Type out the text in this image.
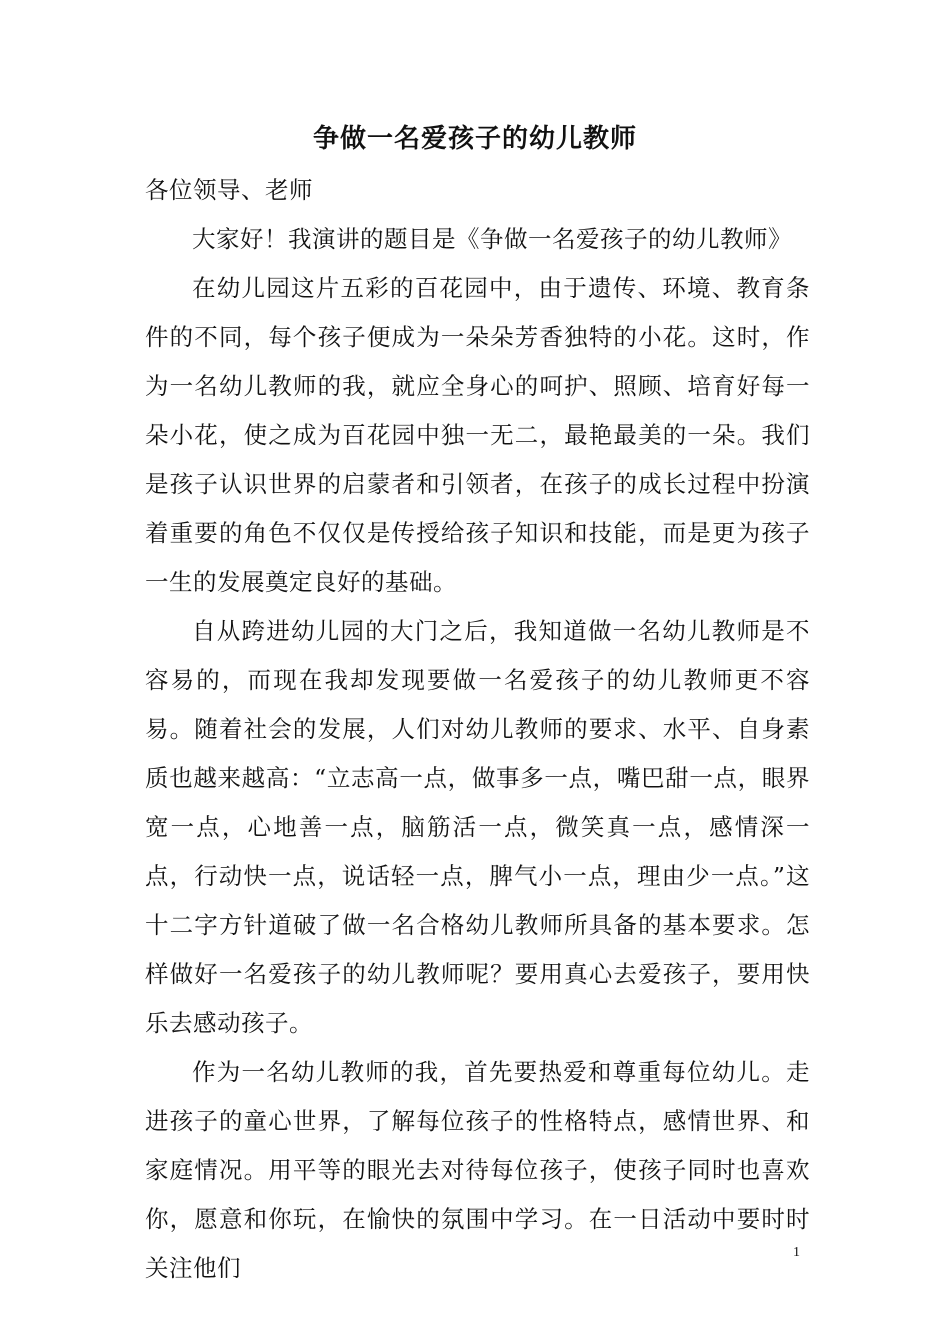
争做一名爱孩子的幼儿教师
各位领导、老师

大家好！我演讲的题目是《争做一名爱孩子的幼儿教师》

在幼儿园这片五彩的百花园中，由于遗传、环境、教育条件的不同，每个孩子便成为一朵朵芳香独特的小花。这时，作为一名幼儿教师的我，就应全身心的呵护、照顾、培育好每一朵小花，使之成为百花园中独一无二，最艳最美的一朵。我们是孩子认识世界的启蒙者和引领者，在孩子的成长过程中扮演着重要的角色不仅仅是传授给孩子知识和技能，而是更为孩子一生的发展奠定良好的基础。

自从跨进幼儿园的大门之后，我知道做一名幼儿教师是不容易的，而现在我却发现要做一名爱孩子的幼儿教师更不容易。随着社会的发展，人们对幼儿教师的要求、水平、自身素质也越来越高：“立志高一点，做事多一点，嘴巴甜一点，眼界宽一点，心地善一点，脑筋活一点，微笑真一点，感情深一点，行动快一点，说话轻一点，脾气小一点，理由少一点。”这十二字方针道破了做一名合格幼儿教师所具备的基本要求。怎样做好一名爱孩子的幼儿教师呢？要用真心去爱孩子，要用快乐去感动孩子。

作为一名幼儿教师的我，首先要热爱和尊重每位幼儿。走进孩子的童心世界，了解每位孩子的性格特点，感情世界、和家庭情况。用平等的眼光去对待每位孩子，使孩子同时也喜欢你，愿意和你玩，在愉快的氛围中学习。在一日活动中要时时关注他们

1
